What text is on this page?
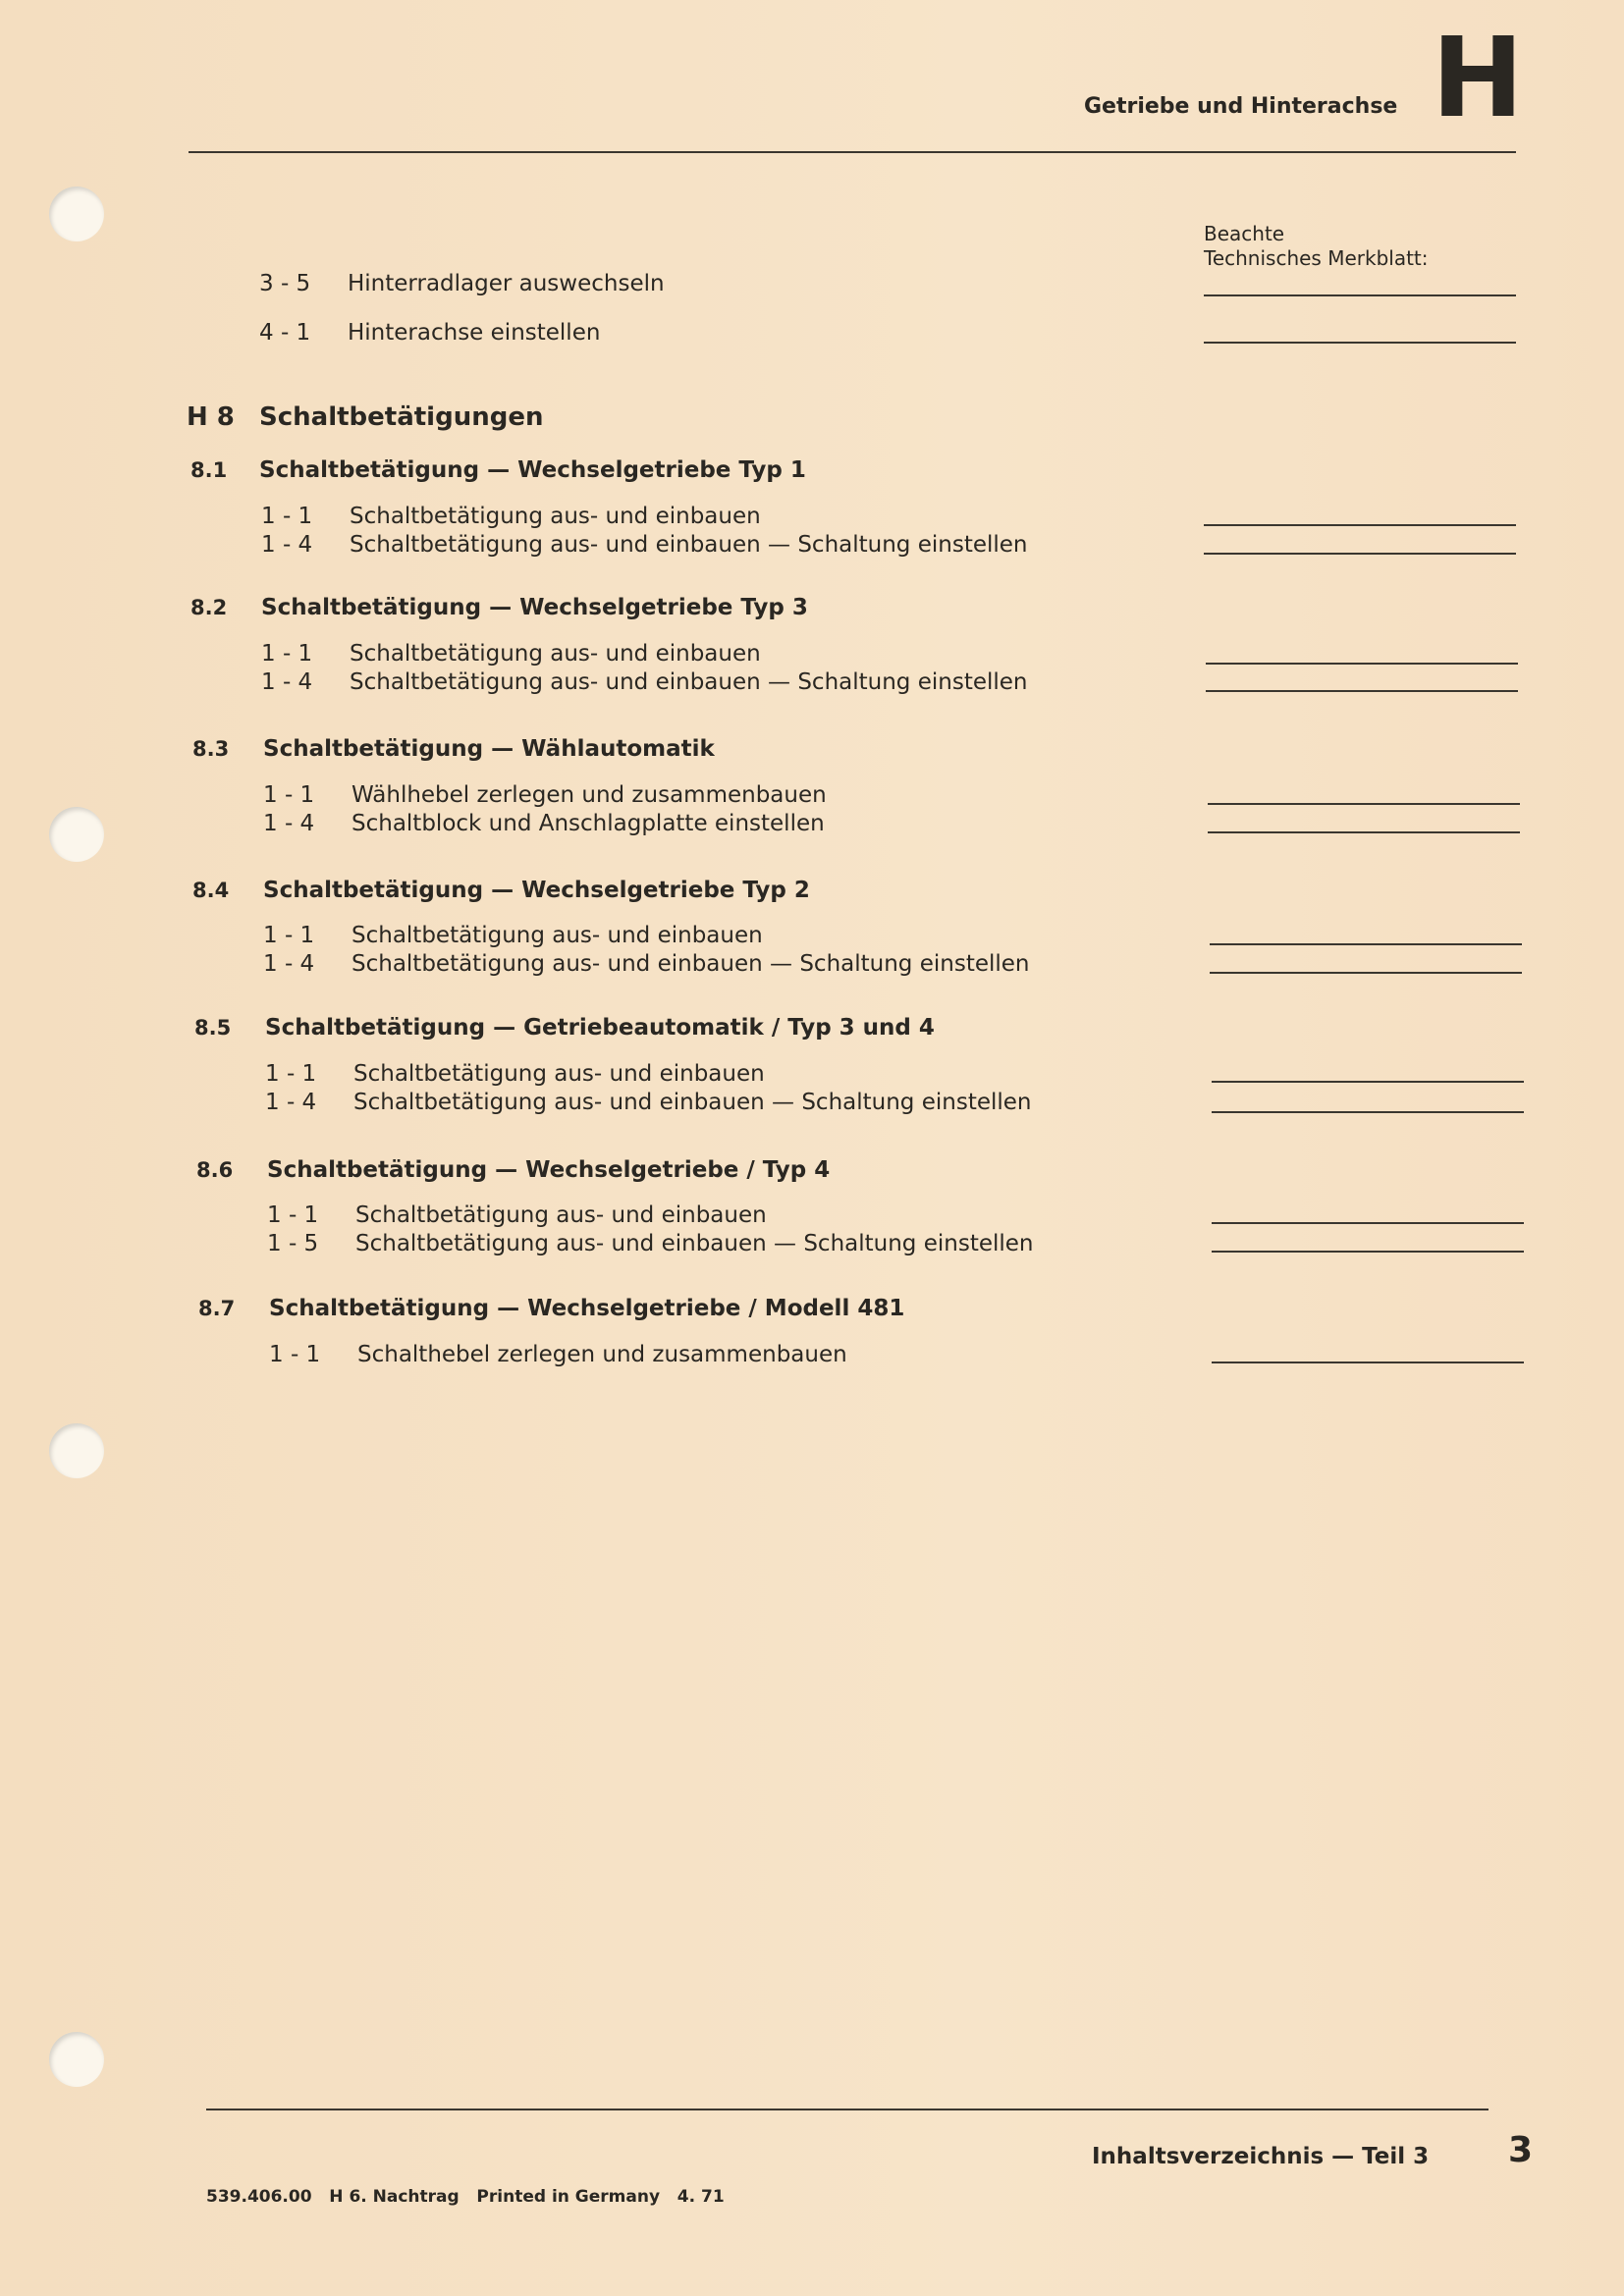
Getriebe und Hinterachse H
Beachte
Technisches Merkblatt:
3 - 5 Hinterradlager auswechseln
4 - 1 Hinterachse einstellen
H 8 Schaltbetätigungen
8.1 Schaltbetätigung — Wechselgetriebe Typ 1
1 - 1 Schaltbetätigung aus- und einbauen
1 - 4 Schaltbetätigung aus- und einbauen — Schaltung einstellen
8.2 Schaltbetätigung — Wechselgetriebe Typ 3
1 - 1 Schaltbetätigung aus- und einbauen
1 - 4 Schaltbetätigung aus- und einbauen — Schaltung einstellen
8.3 Schaltbetätigung — Wählautomatik
1 - 1 Wählhebel zerlegen und zusammenbauen
1 - 4 Schaltblock und Anschlagplatte einstellen
8.4 Schaltbetätigung — Wechselgetriebe Typ 2
1 - 1 Schaltbetätigung aus- und einbauen
1 - 4 Schaltbetätigung aus- und einbauen — Schaltung einstellen
8.5 Schaltbetätigung — Getriebeautomatik / Typ 3 und 4
1 - 1 Schaltbetätigung aus- und einbauen
1 - 4 Schaltbetätigung aus- und einbauen — Schaltung einstellen
8.6 Schaltbetätigung — Wechselgetriebe / Typ 4
1 - 1 Schaltbetätigung aus- und einbauen
1 - 5 Schaltbetätigung aus- und einbauen — Schaltung einstellen
8.7 Schaltbetätigung — Wechselgetriebe / Modell 481
1 - 1 Schalthebel zerlegen und zusammenbauen
Inhaltsverzeichnis — Teil 3 3
539.406.00   H 6. Nachtrag   Printed in Germany   4. 71
